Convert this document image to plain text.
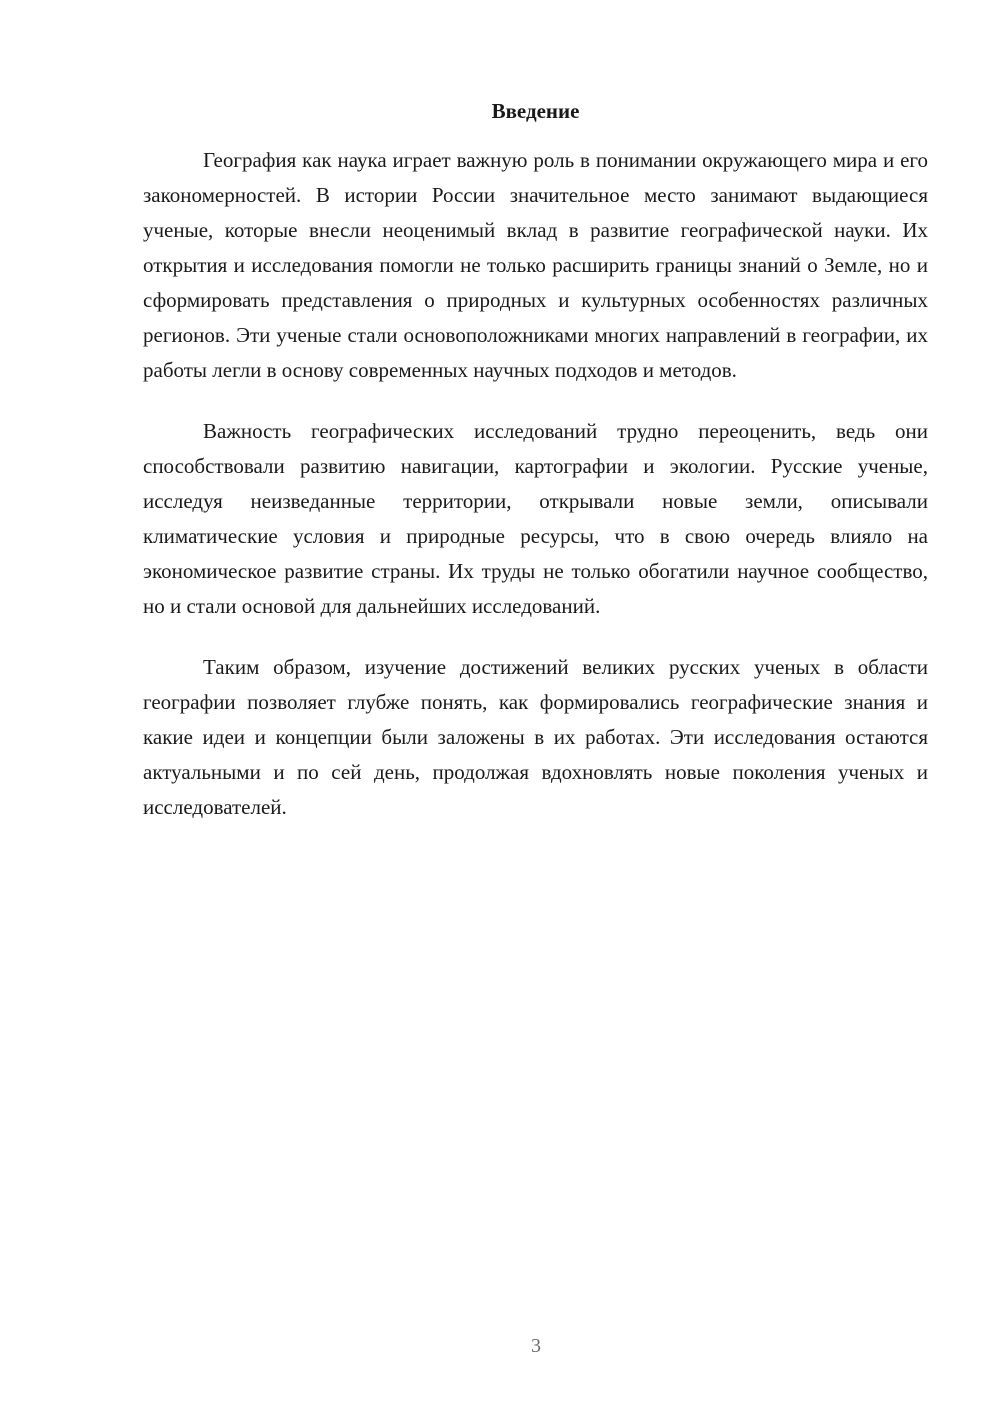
Введение

География как наука играет важную роль в понимании окружающего мира и его закономерностей. В истории России значительное место занимают выдающиеся ученые, которые внесли неоценимый вклад в развитие географической науки. Их открытия и исследования помогли не только расширить границы знаний о Земле, но и сформировать представления о природных и культурных особенностях различных регионов. Эти ученые стали основоположниками многих направлений в географии, их работы легли в основу современных научных подходов и методов.

Важность географических исследований трудно переоценить, ведь они способствовали развитию навигации, картографии и экологии. Русские ученые, исследуя неизведанные территории, открывали новые земли, описывали климатические условия и природные ресурсы, что в свою очередь влияло на экономическое развитие страны. Их труды не только обогатили научное сообщество, но и стали основой для дальнейших исследований.

Таким образом, изучение достижений великих русских ученых в области географии позволяет глубже понять, как формировались географические знания и какие идеи и концепции были заложены в их работах. Эти исследования остаются актуальными и по сей день, продолжая вдохновлять новые поколения ученых и исследователей.

3
